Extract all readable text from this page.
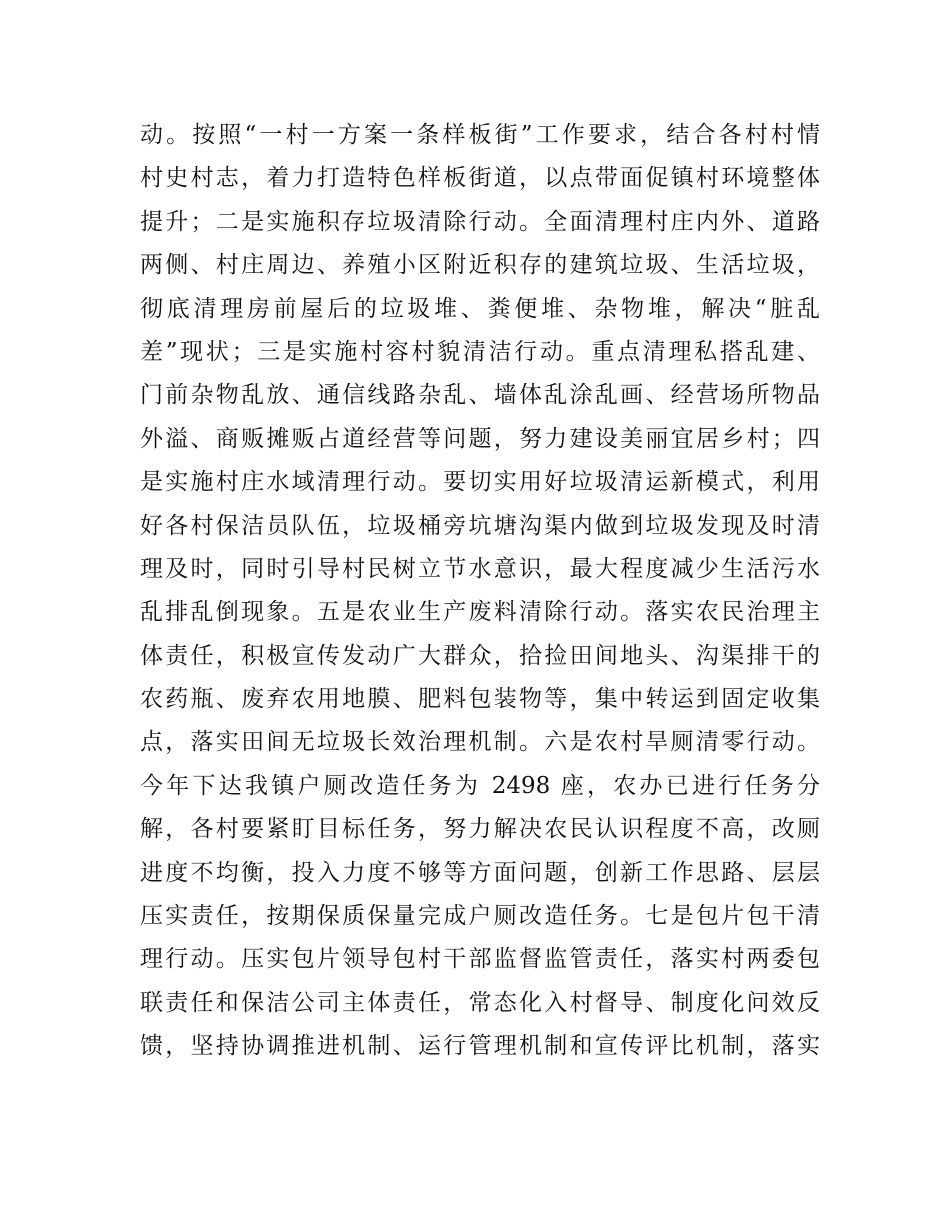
动。按照“一村一方案一条样板街”工作要求，结合各村村情
村史村志，着力打造特色样板街道，以点带面促镇村环境整体
提升；二是实施积存垃圾清除行动。全面清理村庄内外、道路
两侧、村庄周边、养殖小区附近积存的建筑垃圾、生活垃圾，
彻底清理房前屋后的垃圾堆、粪便堆、杂物堆，解决“脏乱
差”现状；三是实施村容村貌清洁行动。重点清理私搭乱建、
门前杂物乱放、通信线路杂乱、墙体乱涂乱画、经营场所物品
外溢、商贩摊贩占道经营等问题，努力建设美丽宜居乡村；四
是实施村庄水域清理行动。要切实用好垃圾清运新模式，利用
好各村保洁员队伍，垃圾桶旁坑塘沟渠内做到垃圾发现及时清
理及时，同时引导村民树立节水意识，最大程度减少生活污水
乱排乱倒现象。五是农业生产废料清除行动。落实农民治理主
体责任，积极宣传发动广大群众，拾捡田间地头、沟渠排干的
农药瓶、废弃农用地膜、肥料包装物等，集中转运到固定收集
点，落实田间无垃圾长效治理机制。六是农村旱厕清零行动。
今年下达我镇户厕改造任务为 2498 座，农办已进行任务分
解，各村要紧盯目标任务，努力解决农民认识程度不高，改厕
进度不均衡，投入力度不够等方面问题，创新工作思路、层层
压实责任，按期保质保量完成户厕改造任务。七是包片包干清
理行动。压实包片领导包村干部监督监管责任，落实村两委包
联责任和保洁公司主体责任，常态化入村督导、制度化问效反
馈，坚持协调推进机制、运行管理机制和宣传评比机制，落实
